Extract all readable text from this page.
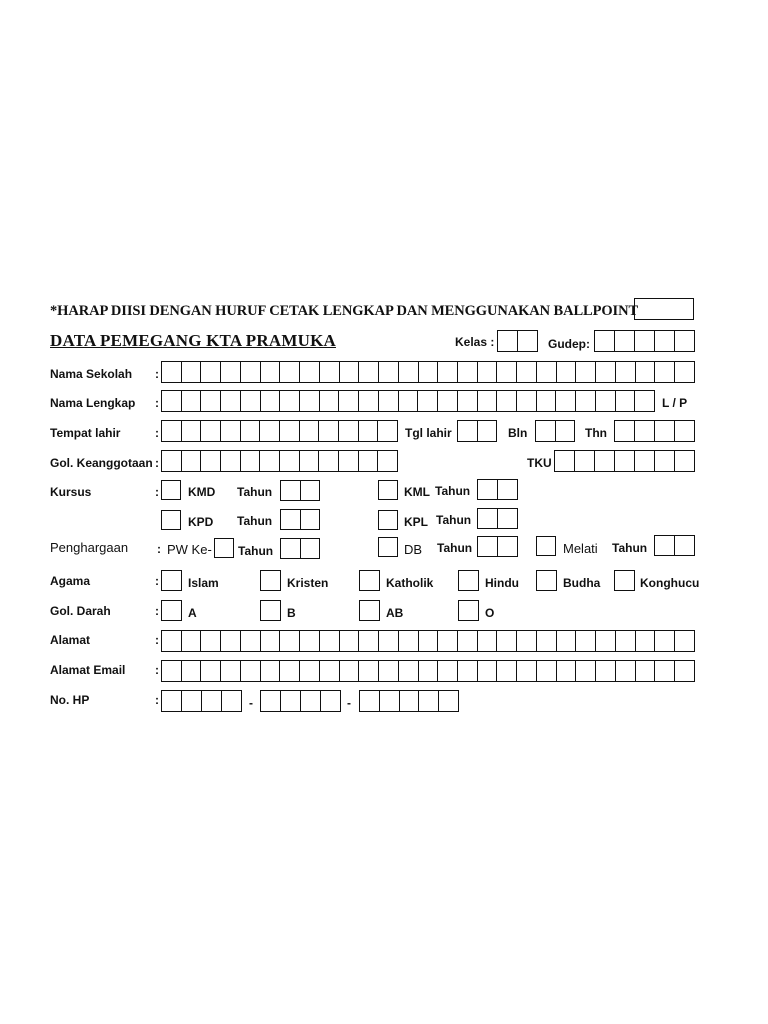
*HARAP DIISI DENGAN HURUF CETAK LENGKAP DAN MENGGUNAKAN BALLPOINT
DATA PEMEGANG KTA PRAMUKA	Kelas :	Gudep:
Nama Sekolah :
Nama Lengkap :	L / P
Tempat lahir	:	Tgl lahir	Bln	Thn
Gol. Keanggotaan :	TKU
Kursus	: KMD Tahun	KML Tahun
KPD Tahun	KPL Tahun
Penghargaan : PW Ke- Tahun	DB Tahun	Melati Tahun
Agama	: Islam	Kristen	Katholik	Hindu	Budha	Konghucu
Gol. Darah	: A	B	AB	O
Alamat	:
Alamat Email :
No. HP	:	-	-
